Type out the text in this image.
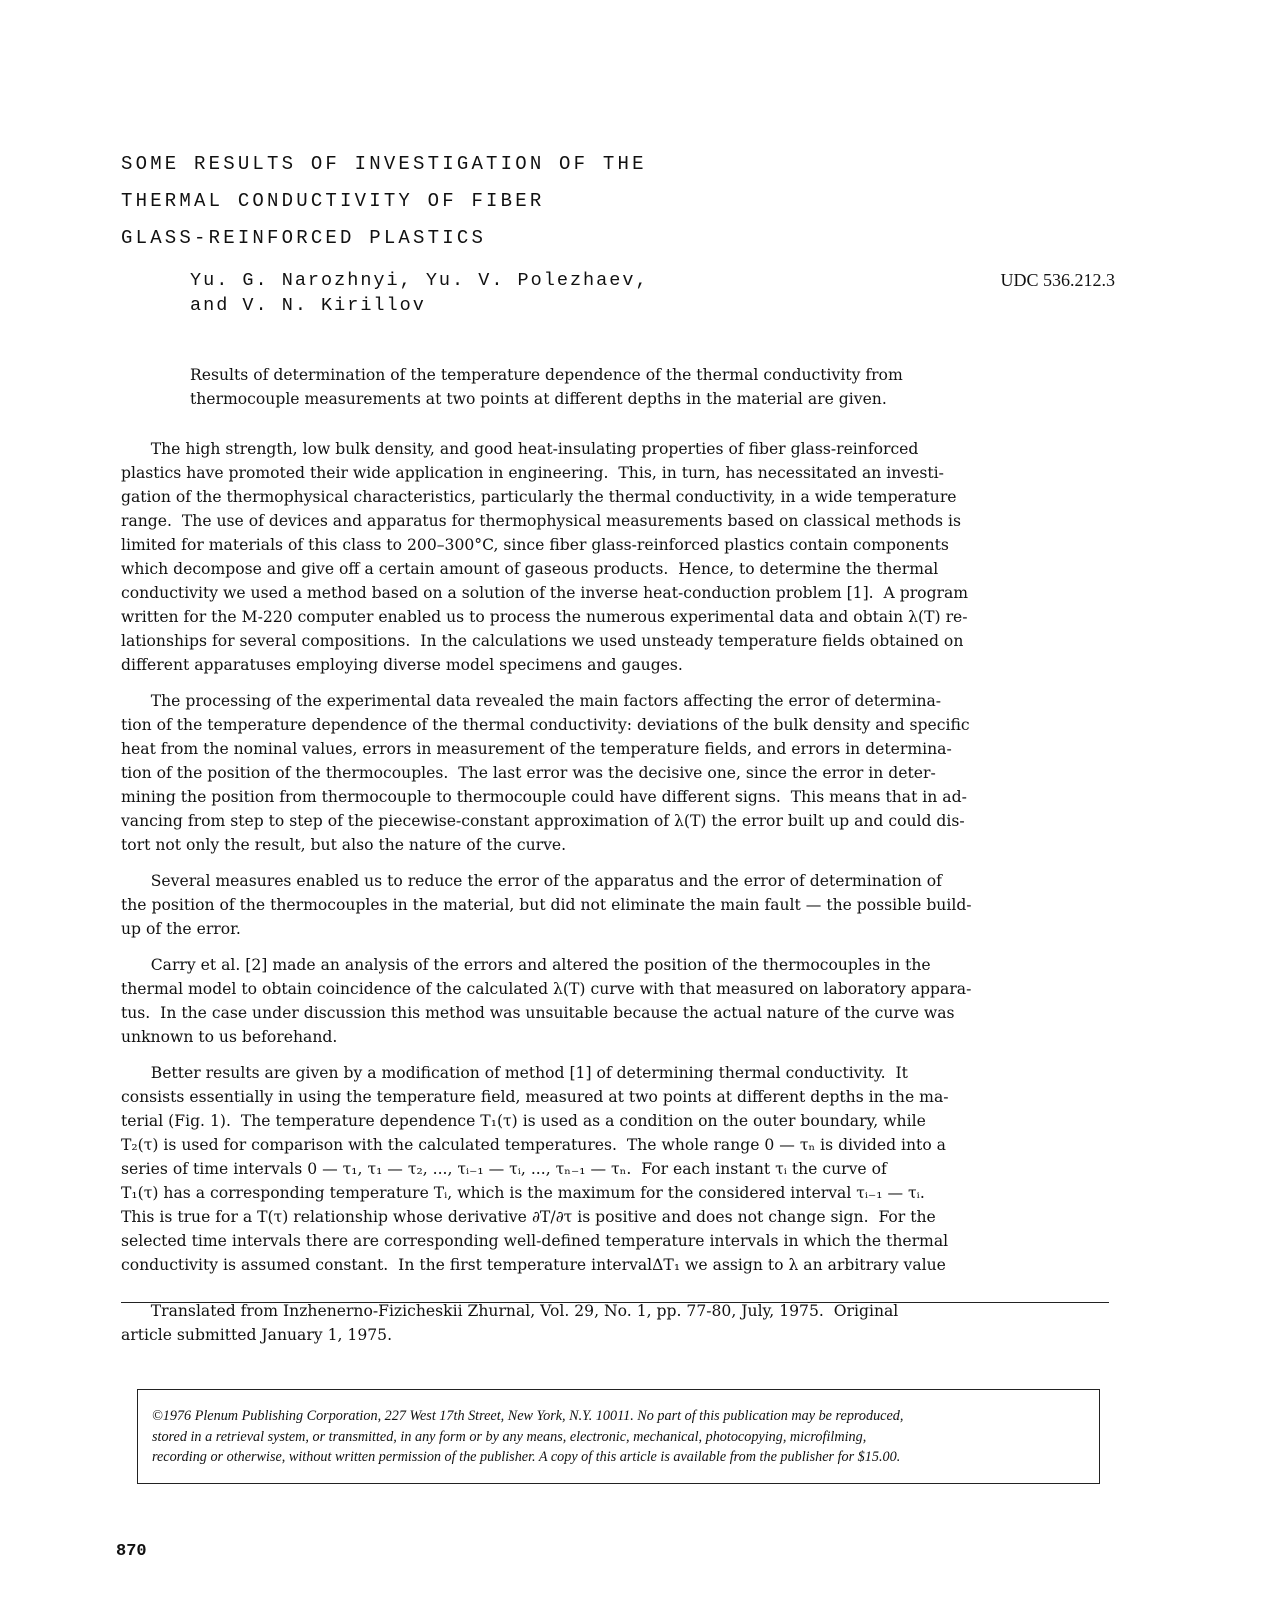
SOME RESULTS OF INVESTIGATION OF THE
THERMAL CONDUCTIVITY OF FIBER
GLASS-REINFORCED PLASTICS
Yu. G. Narozhnyi, Yu. V. Polezhaev,
and V. N. Kirillov
UDC 536.212.3
Results of determination of the temperature dependence of the thermal conductivity from
thermocouple measurements at two points at different depths in the material are given.
The high strength, low bulk density, and good heat-insulating properties of fiber glass-reinforced
plastics have promoted their wide application in engineering.  This, in turn, has necessitated an investi-
gation of the thermophysical characteristics, particularly the thermal conductivity, in a wide temperature
range.  The use of devices and apparatus for thermophysical measurements based on classical methods is
limited for materials of this class to 200–300°C, since fiber glass-reinforced plastics contain components
which decompose and give off a certain amount of gaseous products.  Hence, to determine the thermal
conductivity we used a method based on a solution of the inverse heat-conduction problem [1].  A program
written for the M-220 computer enabled us to process the numerous experimental data and obtain λ(T) re-
lationships for several compositions.  In the calculations we used unsteady temperature fields obtained on
different apparatuses employing diverse model specimens and gauges.
The processing of the experimental data revealed the main factors affecting the error of determina-
tion of the temperature dependence of the thermal conductivity: deviations of the bulk density and specific
heat from the nominal values, errors in measurement of the temperature fields, and errors in determina-
tion of the position of the thermocouples.  The last error was the decisive one, since the error in deter-
mining the position from thermocouple to thermocouple could have different signs.  This means that in ad-
vancing from step to step of the piecewise-constant approximation of λ(T) the error built up and could dis-
tort not only the result, but also the nature of the curve.
Several measures enabled us to reduce the error of the apparatus and the error of determination of
the position of the thermocouples in the material, but did not eliminate the main fault — the possible build-
up of the error.
Carry et al. [2] made an analysis of the errors and altered the position of the thermocouples in the
thermal model to obtain coincidence of the calculated λ(T) curve with that measured on laboratory appara-
tus.  In the case under discussion this method was unsuitable because the actual nature of the curve was
unknown to us beforehand.
Better results are given by a modification of method [1] of determining thermal conductivity.  It
consists essentially in using the temperature field, measured at two points at different depths in the ma-
terial (Fig. 1).  The temperature dependence T₁(τ) is used as a condition on the outer boundary, while
T₂(τ) is used for comparison with the calculated temperatures.  The whole range 0 — τₙ is divided into a
series of time intervals 0 — τ₁, τ₁ — τ₂, ..., τᵢ₋₁ — τᵢ, ..., τₙ₋₁ — τₙ.  For each instant τᵢ the curve of
T₁(τ) has a corresponding temperature Tᵢ, which is the maximum for the considered interval τᵢ₋₁ — τᵢ.
This is true for a T(τ) relationship whose derivative ∂T/∂τ is positive and does not change sign.  For the
selected time intervals there are corresponding well-defined temperature intervals in which the thermal
conductivity is assumed constant.  In the first temperature intervalΔT₁ we assign to λ an arbitrary value
Translated from Inzhenerno-Fizicheskii Zhurnal, Vol. 29, No. 1, pp. 77-80, July, 1975.  Original
article submitted January 1, 1975.
©1976 Plenum Publishing Corporation, 227 West 17th Street, New York, N.Y. 10011. No part of this publication may be reproduced,
stored in a retrieval system, or transmitted, in any form or by any means, electronic, mechanical, photocopying, microfilming,
recording or otherwise, without written permission of the publisher. A copy of this article is available from the publisher for $15.00.
870
